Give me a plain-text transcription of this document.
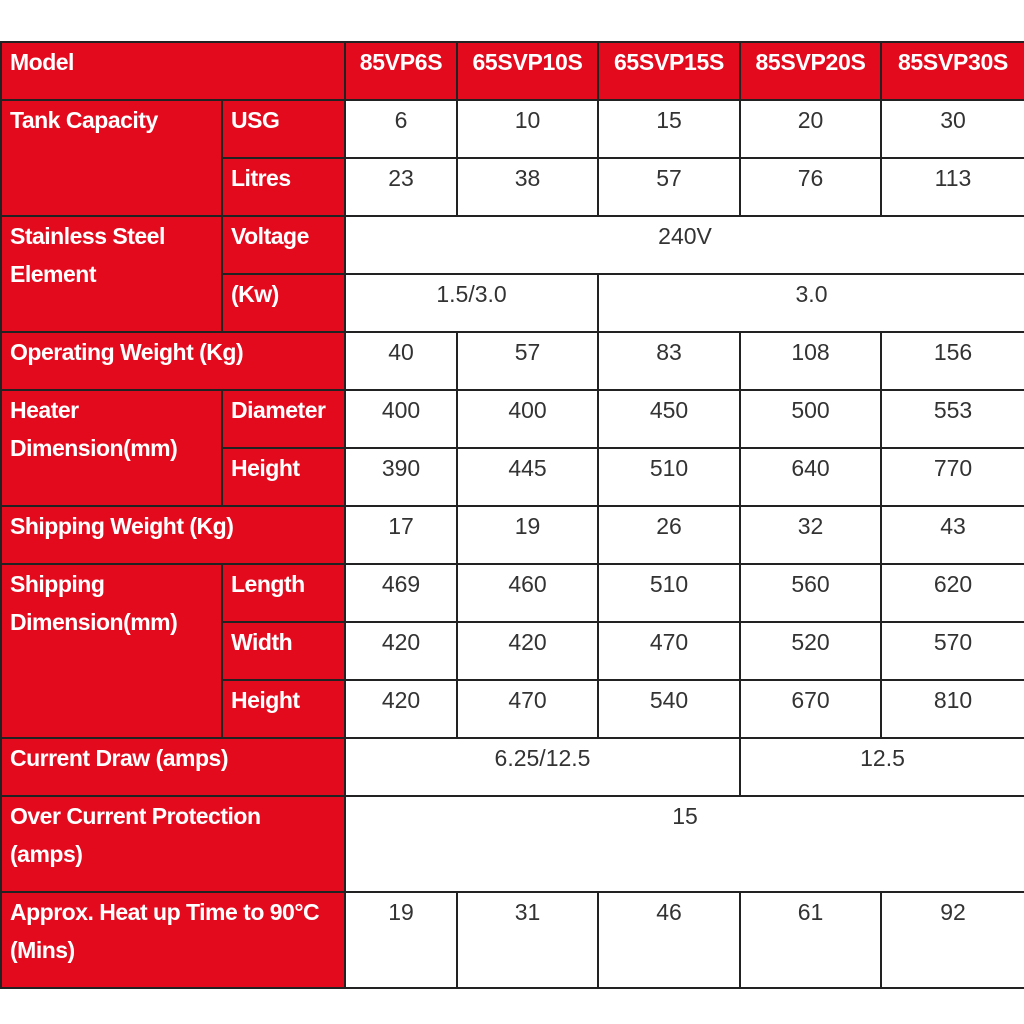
Model		85VP6S	65SVP10S	65SVP15S	85SVP20S	85SVP30S
Tank Capacity	USG	6	10	15	20	30
	Litres	23	38	57	76	113
Stainless Steel Element	Voltage	240V				
	(Kw)	1.5/3.0		3.0		
Operating Weight (Kg)		40	57	83	108	156
Heater Dimension(mm)	Diameter	400	400	450	500	553
	Height	390	445	510	640	770
Shipping Weight (Kg)		17	19	26	32	43
Shipping Dimension(mm)	Length	469	460	510	560	620
	Width	420	420	470	520	570
	Height	420	470	540	670	810
Current Draw (amps)		6.25/12.5			12.5	
Over Current Protection (amps)		15				
Approx. Heat up Time to 90°C (Mins)		19	31	46	61	92
